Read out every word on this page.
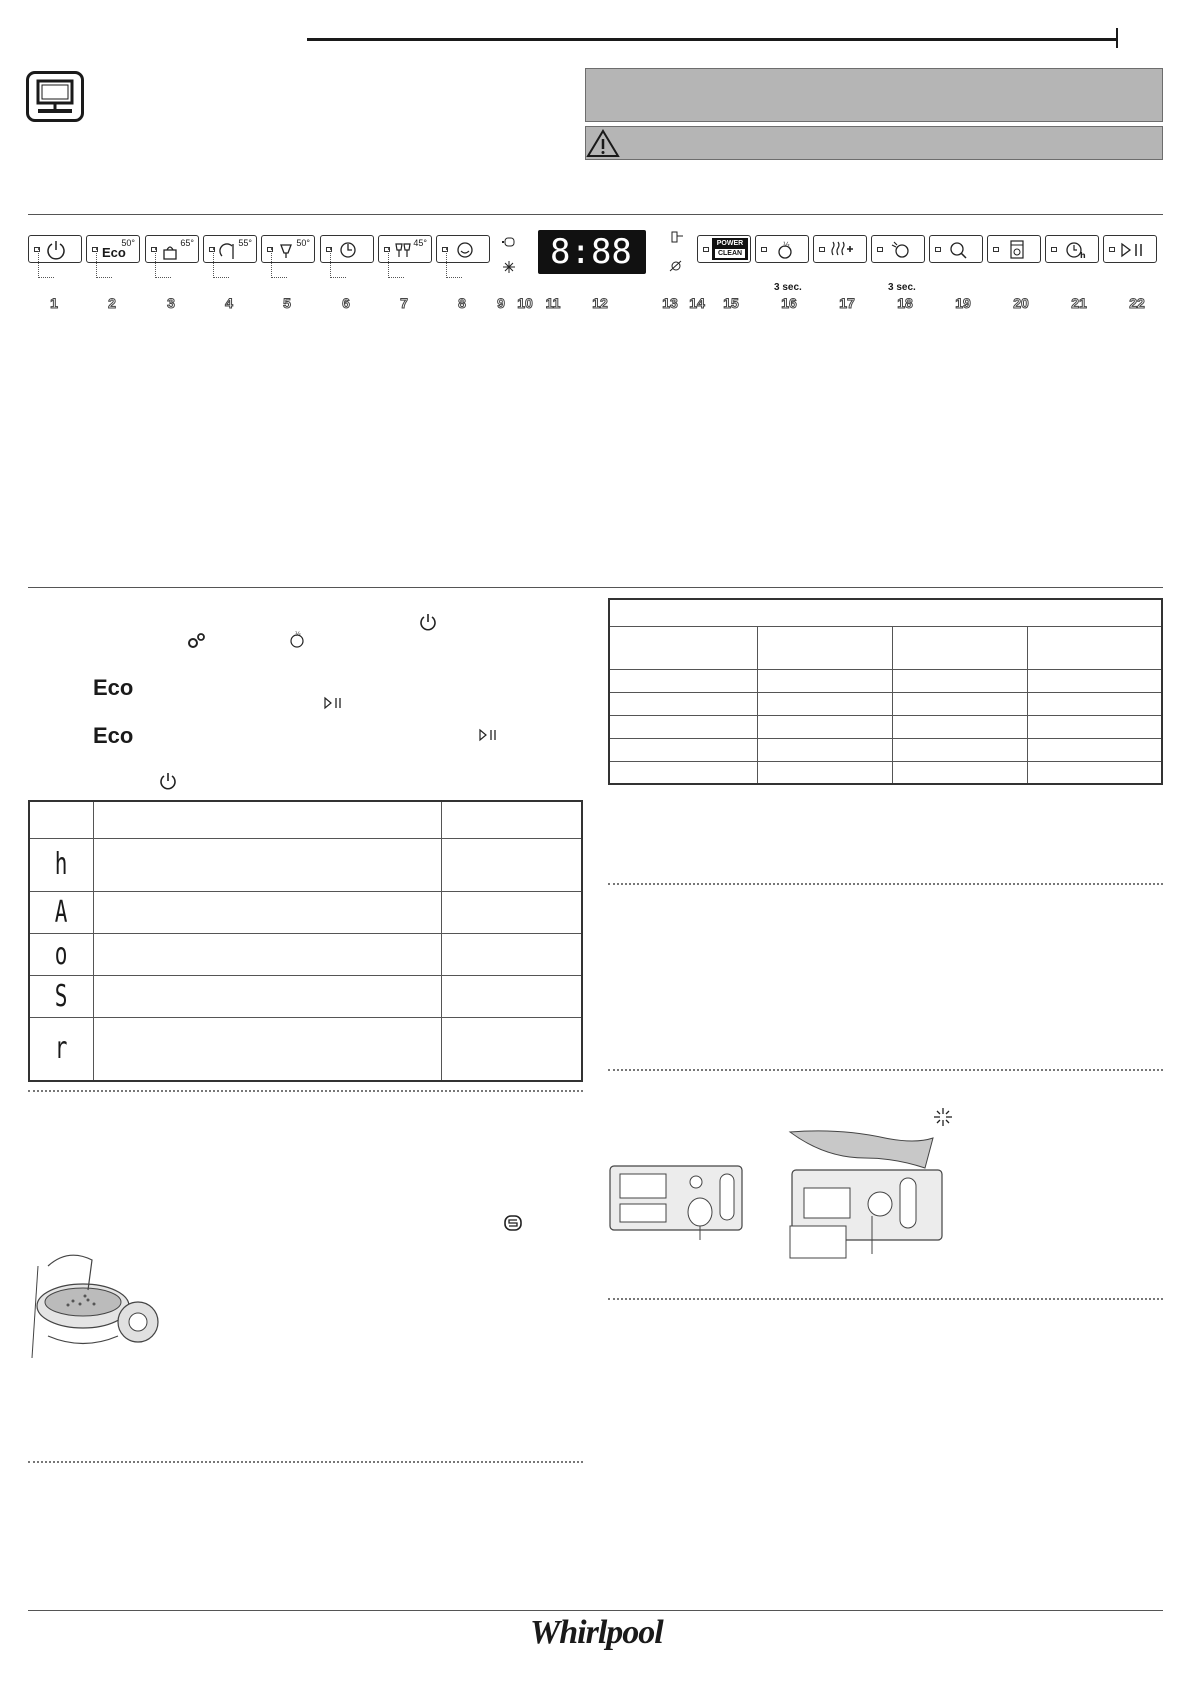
Eco
50°	65°	55°	50°	45°	8:88	POWER
CLEAN
½
h
3 sec.	3 sec.
1	2	3	4	5	6	7	8	9 10 11	12	13 14	15	16	17	18	19	20	21	22
½
Eco
Eco

h		
A		
o		
S		
r		

Whirlpool
